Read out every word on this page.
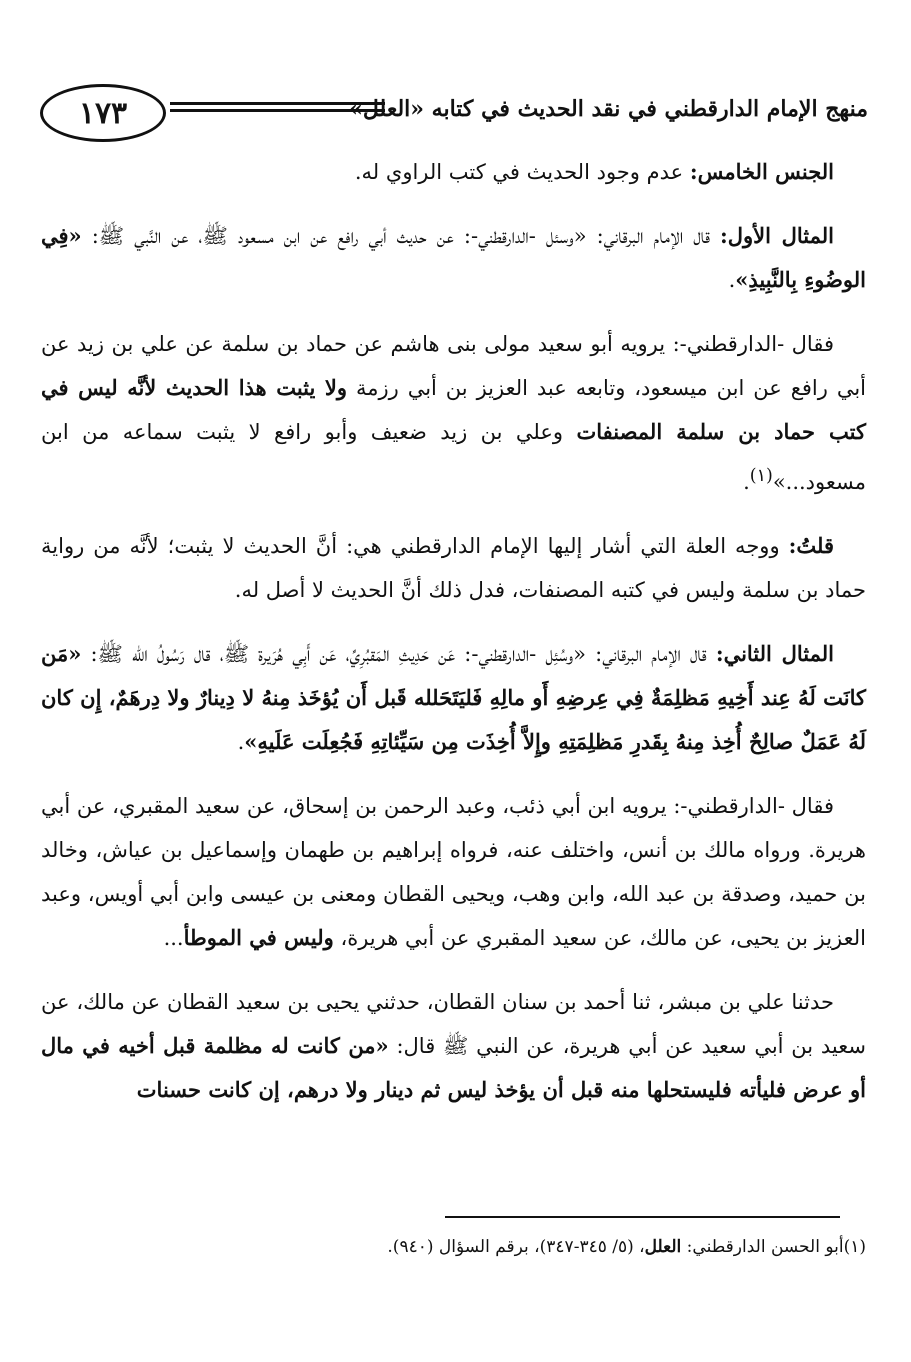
١٧٣	منهج الإمام الدارقطني في نقد الحديث في كتابه «العلل»

الجنس الخامس: عدم وجود الحديث في كتب الراوي له.

المثال الأول: قال الإمام البرقاني: «وسئل -الدارقطني-: عن حديث أبي رافع عن ابن مسعود ﷺ، عن النَّبي ﷺ: «فِي الوضُوءِ بِالنَّبِيذِ».

فقال -الدارقطني-: يرويه أبو سعيد مولى بنى هاشم عن حماد بن سلمة عن علي بن زيد عن أبي رافع عن ابن ميسعود، وتابعه عبد العزيز بن أبي رزمة ولا يثبت هذا الحديث لأنَّه ليس في كتب حماد بن سلمة المصنفات وعلي بن زيد ضعيف وأبو رافع لا يثبت سماعه من ابن مسعود...»$^{(١)}$.

قلتُ: ووجه العلة التي أشار إليها الإمام الدارقطني هي: أنَّ الحديث لا يثبت؛ لأنَّه من رواية حماد بن سلمة وليس في كتبه المصنفات، فدل ذلك أنَّ الحديث لا أصل له.

المثال الثاني: قال الإمام البرقاني: «وسُئِل -الدارقطني-: عَن حَدِيثِ المَقبُرِيِّ، عَن أَبِي هُرَيرة ﷺ، قال رَسُولُ الله ﷺ: «مَن كانَت لَهُ عِند أَخِيهِ مَظلِمَةٌ فِي عِرضِهِ أَو مالِهِ فَليَتَحَلله قَبل أَن يُؤخَذ مِنهُ لا دِينارٌ ولا دِرهَمٌ، إِن كان لَهُ عَمَلٌ صالِحٌ أُخِذ مِنهُ بِقَدرِ مَظلِمَتِهِ وإِلاَّ أُخِذَت مِن سَيِّئاتِهِ فَجُعِلَت عَلَيهِ».

فقال -الدارقطني-: يرويه ابن أبي ذئب، وعبد الرحمن بن إسحاق، عن سعيد المقبري، عن أبي هريرة. ورواه مالك بن أنس، واختلف عنه، فرواه إبراهيم بن طهمان وإسماعيل بن عياش، وخالد بن حميد، وصدقة بن عبد الله، وابن وهب، ويحيى القطان ومعنى بن عيسى وابن أبي أويس، وعبد العزيز بن يحيى، عن مالك، عن سعيد المقبري عن أبي هريرة، وليس في الموطأ...

حدثنا علي بن مبشر، ثنا أحمد بن سنان القطان، حدثني يحيى بن سعيد القطان عن مالك، عن سعيد بن أبي سعيد عن أبي هريرة، عن النبي ﷺ قال: «من كانت له مظلمة قبل أخيه في مال أو عرض فليأته فليستحلها منه قبل أن يؤخذ ليس ثم دينار ولا درهم، إن كانت حسنات

(١)أبو الحسن الدارقطني: العلل، (٥/ ٣٤٥-٣٤٧)، برقم السؤال (٩٤٠).
